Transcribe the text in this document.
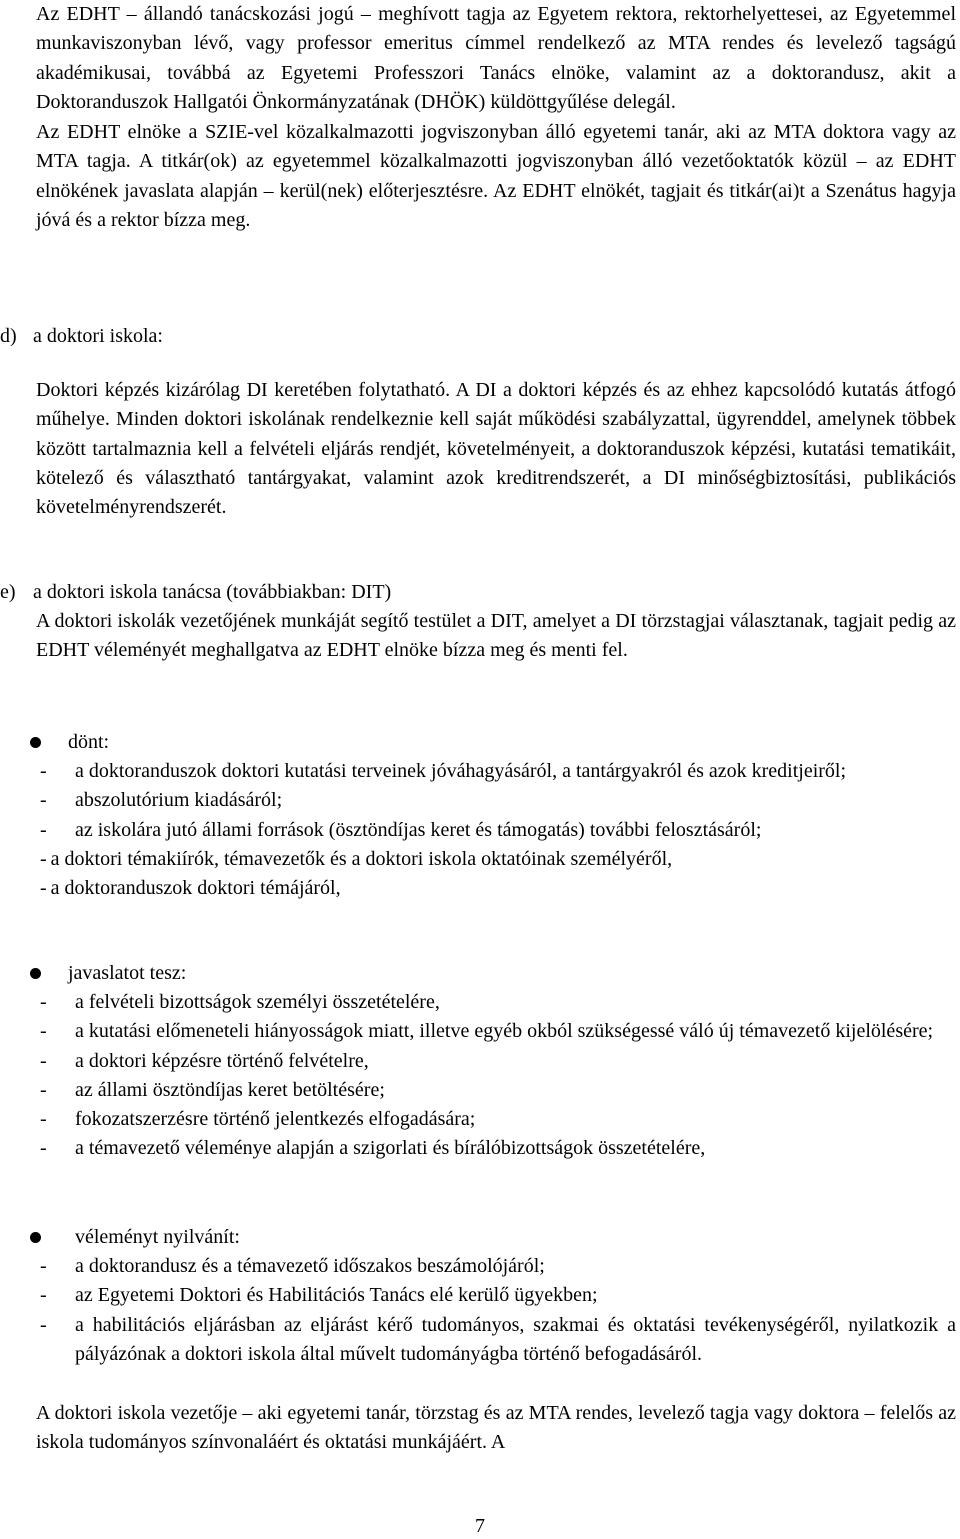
Az EDHT – állandó tanácskozási jogú – meghívott tagja az Egyetem rektora, rektorhelyettesei, az Egyetemmel munkaviszonyban lévő, vagy professor emeritus címmel rendelkező az MTA rendes és levelező tagságú akadémikusai, továbbá az Egyetemi Professzori Tanács elnöke, valamint az a doktorandusz, akit a Doktoranduszok Hallgatói Önkormányzatának (DHÖK) küldöttgyűlése delegál.

Az EDHT elnöke a SZIE-vel közalkalmazotti jogviszonyban álló egyetemi tanár, aki az MTA doktora vagy az MTA tagja. A titkár(ok) az egyetemmel közalkalmazotti jogviszonyban álló vezetőoktatók közül – az EDHT elnökének javaslata alapján – kerül(nek) előterjesztésre. Az EDHT elnökét, tagjait és titkár(ai)t a Szenátus hagyja jóvá és a rektor bízza meg.

d) a doktori iskola:

Doktori képzés kizárólag DI keretében folytatható. A DI a doktori képzés és az ehhez kapcsolódó kutatás átfogó műhelye. Minden doktori iskolának rendelkeznie kell saját működési szabályzattal, ügyrenddel, amelynek többek között tartalmaznia kell a felvételi eljárás rendjét, követelményeit, a doktoranduszok képzési, kutatási tematikáit, kötelező és választható tantárgyakat, valamint azok kreditrendszerét, a DI minőségbiztosítási, publikációs követelményrendszerét.

e) a doktori iskola tanácsa (továbbiakban: DIT)

A doktori iskolák vezetőjének munkáját segítő testület a DIT, amelyet a DI törzstagjai választanak, tagjait pedig az EDHT véleményét meghallgatva az EDHT elnöke bízza meg és menti fel.

dönt:
- a doktoranduszok doktori kutatási terveinek jóváhagyásáról, a tantárgyakról és azok kreditjeiről;
- abszolutórium kiadásáról;
- az iskolára jutó állami források (ösztöndíjas keret és támogatás) további felosztásáról;
- a doktori témakiírók, témavezetők és a doktori iskola oktatóinak személyéről,
- a doktoranduszok doktori témájáról,
javaslatot tesz:
- a felvételi bizottságok személyi összetételére,
- a kutatási előmeneteli hiányosságok miatt, illetve egyéb okból szükségessé váló új témavezető kijelölésére;
- a doktori képzésre történő felvételre,
- az állami ösztöndíjas keret betöltésére;
- fokozatszerzésre történő jelentkezés elfogadására;
- a témavezető véleménye alapján a szigorlati és bírálóbizottságok összetételére,
véleményt nyilvánít:
- a doktorandusz és a témavezető időszakos beszámolójáról;
- az Egyetemi Doktori és Habilitációs Tanács elé kerülő ügyekben;
- a habilitációs eljárásban az eljárást kérő tudományos, szakmai és oktatási tevékenységéről, nyilatkozik a pályázónak a doktori iskola által művelt tudományágba történő befogadásáról.

A doktori iskola vezetője – aki egyetemi tanár, törzstag és az MTA rendes, levelező tagja vagy doktora – felelős az iskola tudományos színvonaláért és oktatási munkájáért. A

7
